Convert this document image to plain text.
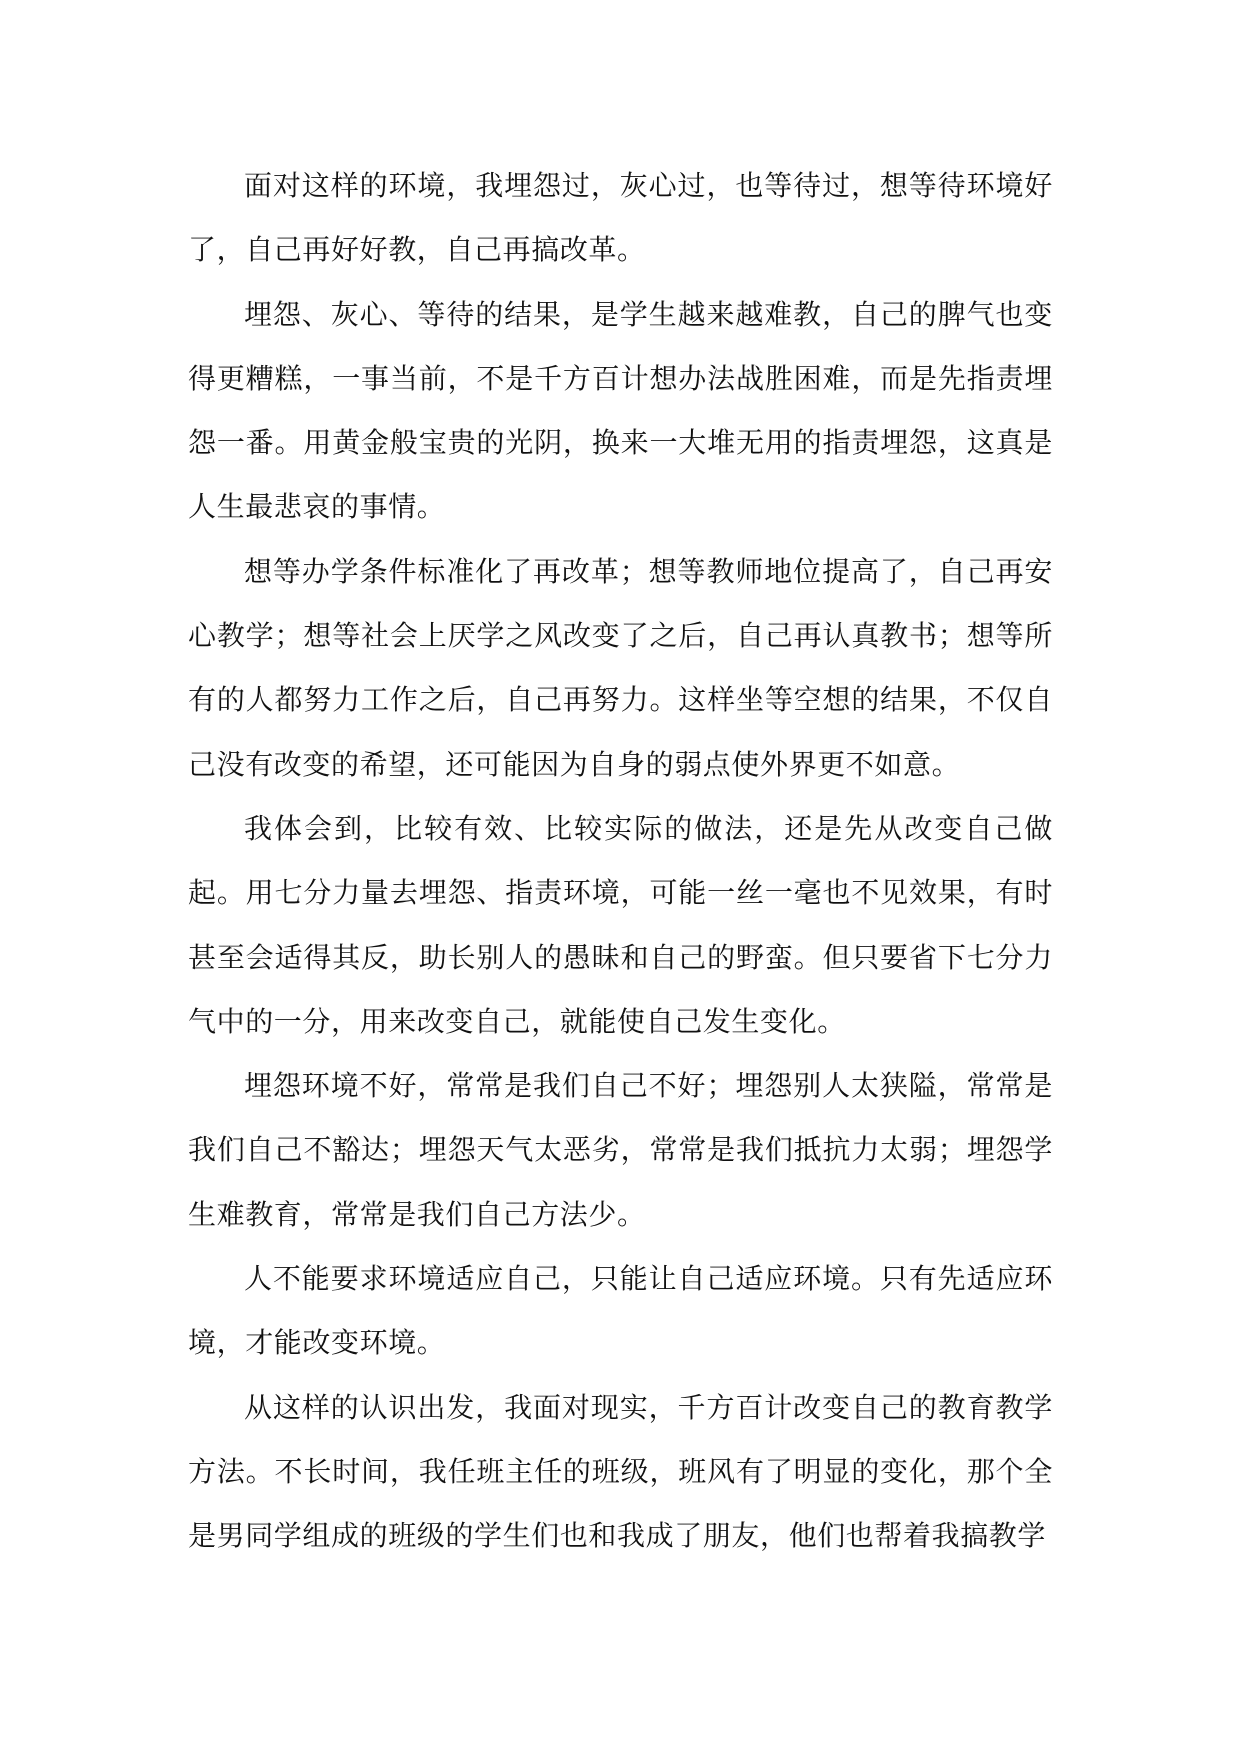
面对这样的环境，我埋怨过，灰心过，也等待过，想等待环境好了，自己再好好教，自己再搞改革。

埋怨、灰心、等待的结果，是学生越来越难教，自己的脾气也变得更糟糕，一事当前，不是千方百计想办法战胜困难，而是先指责埋怨一番。用黄金般宝贵的光阴，换来一大堆无用的指责埋怨，这真是人生最悲哀的事情。

想等办学条件标准化了再改革；想等教师地位提高了，自己再安心教学；想等社会上厌学之风改变了之后，自己再认真教书；想等所有的人都努力工作之后，自己再努力。这样坐等空想的结果，不仅自己没有改变的希望，还可能因为自身的弱点使外界更不如意。

我体会到，比较有效、比较实际的做法，还是先从改变自己做起。用七分力量去埋怨、指责环境，可能一丝一毫也不见效果，有时甚至会适得其反，助长别人的愚昧和自己的野蛮。但只要省下七分力气中的一分，用来改变自己，就能使自己发生变化。

埋怨环境不好，常常是我们自己不好；埋怨别人太狭隘，常常是我们自己不豁达；埋怨天气太恶劣，常常是我们抵抗力太弱；埋怨学生难教育，常常是我们自己方法少。

人不能要求环境适应自己，只能让自己适应环境。只有先适应环境，才能改变环境。

从这样的认识出发，我面对现实，千方百计改变自己的教育教学方法。不长时间，我任班主任的班级，班风有了明显的变化，那个全是男同学组成的班级的学生们也和我成了朋友，他们也帮着我搞教学
